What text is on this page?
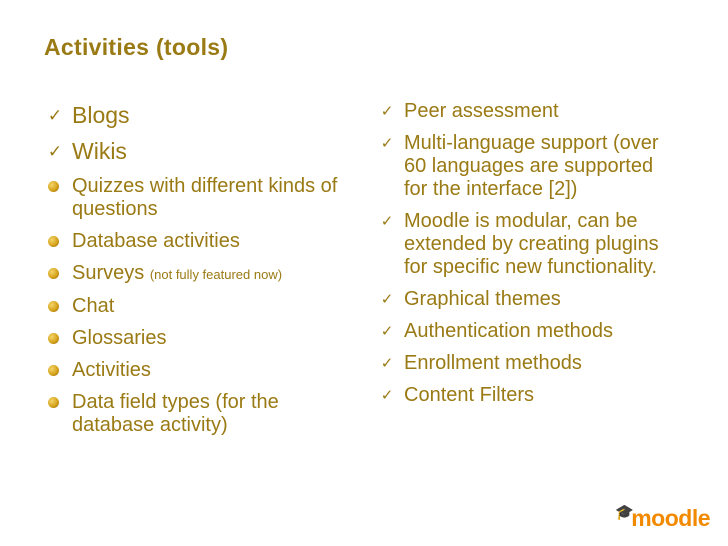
Activities (tools)
✓ Blogs
✓ Wikis
Quizzes with different kinds of questions
Database activities
Surveys (not fully featured now)
Chat
Glossaries
Activities
Data field types (for the database activity)
✓ Peer assessment
✓ Multi-language support (over 60 languages are supported for the interface [2])
✓ Moodle is modular, can be extended by creating plugins for specific new functionality.
✓ Graphical themes
✓ Authentication methods
✓ Enrollment methods
✓ Content Filters
🎓
moodle
